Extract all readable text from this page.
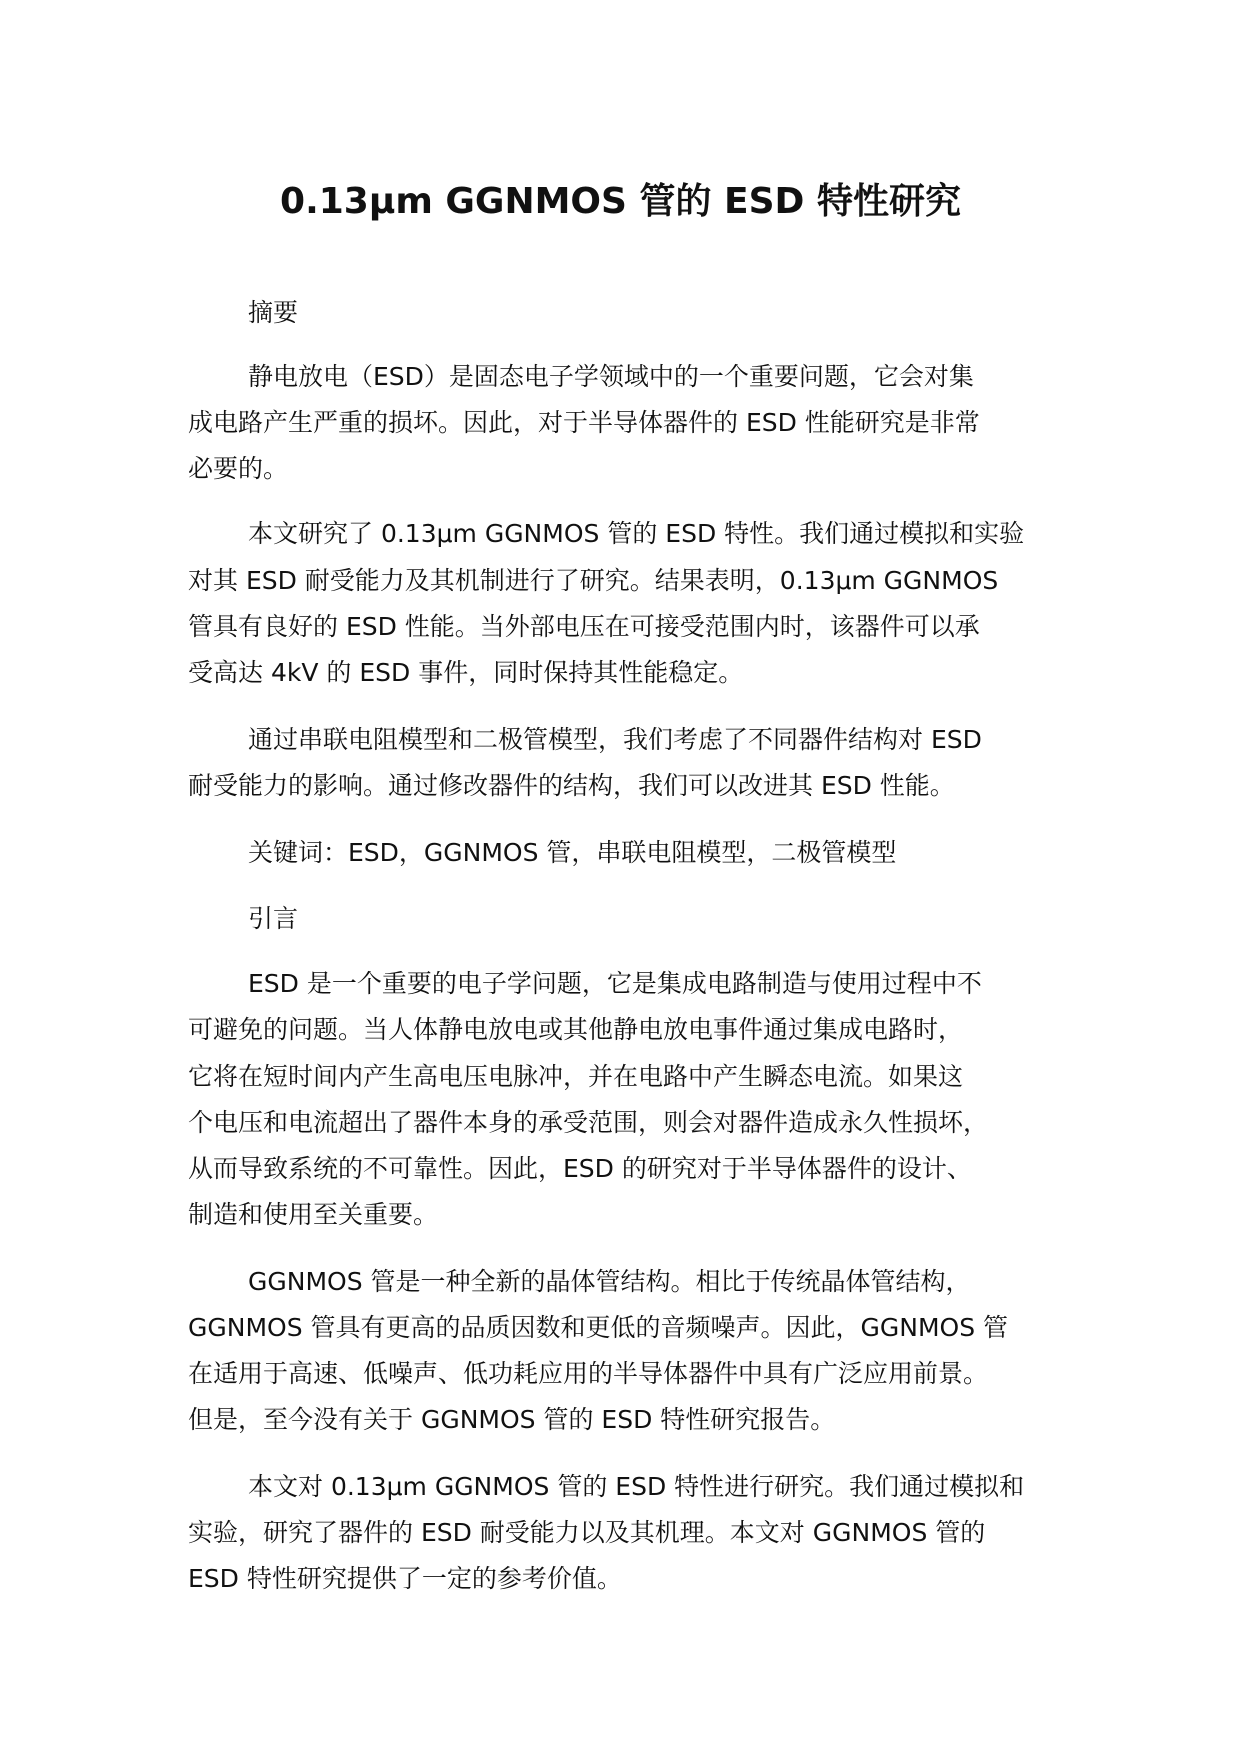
0.13μm GGNMOS 管的 ESD 特性研究
摘要
静电放电（ESD）是固态电子学领域中的一个重要问题，它会对集
成电路产生严重的损坏。因此，对于半导体器件的 ESD 性能研究是非常
必要的。
本文研究了 0.13μm GGNMOS 管的 ESD 特性。我们通过模拟和实验
对其 ESD 耐受能力及其机制进行了研究。结果表明，0.13μm GGNMOS
管具有良好的 ESD 性能。当外部电压在可接受范围内时，该器件可以承
受高达 4kV 的 ESD 事件，同时保持其性能稳定。
通过串联电阻模型和二极管模型，我们考虑了不同器件结构对 ESD
耐受能力的影响。通过修改器件的结构，我们可以改进其 ESD 性能。
关键词：ESD，GGNMOS 管，串联电阻模型，二极管模型
引言
ESD 是一个重要的电子学问题，它是集成电路制造与使用过程中不
可避免的问题。当人体静电放电或其他静电放电事件通过集成电路时，
它将在短时间内产生高电压电脉冲，并在电路中产生瞬态电流。如果这
个电压和电流超出了器件本身的承受范围，则会对器件造成永久性损坏，
从而导致系统的不可靠性。因此，ESD 的研究对于半导体器件的设计、
制造和使用至关重要。
GGNMOS 管是一种全新的晶体管结构。相比于传统晶体管结构，
GGNMOS 管具有更高的品质因数和更低的音频噪声。因此，GGNMOS 管
在适用于高速、低噪声、低功耗应用的半导体器件中具有广泛应用前景。
但是，至今没有关于 GGNMOS 管的 ESD 特性研究报告。
本文对 0.13μm GGNMOS 管的 ESD 特性进行研究。我们通过模拟和
实验，研究了器件的 ESD 耐受能力以及其机理。本文对 GGNMOS 管的
ESD 特性研究提供了一定的参考价值。
